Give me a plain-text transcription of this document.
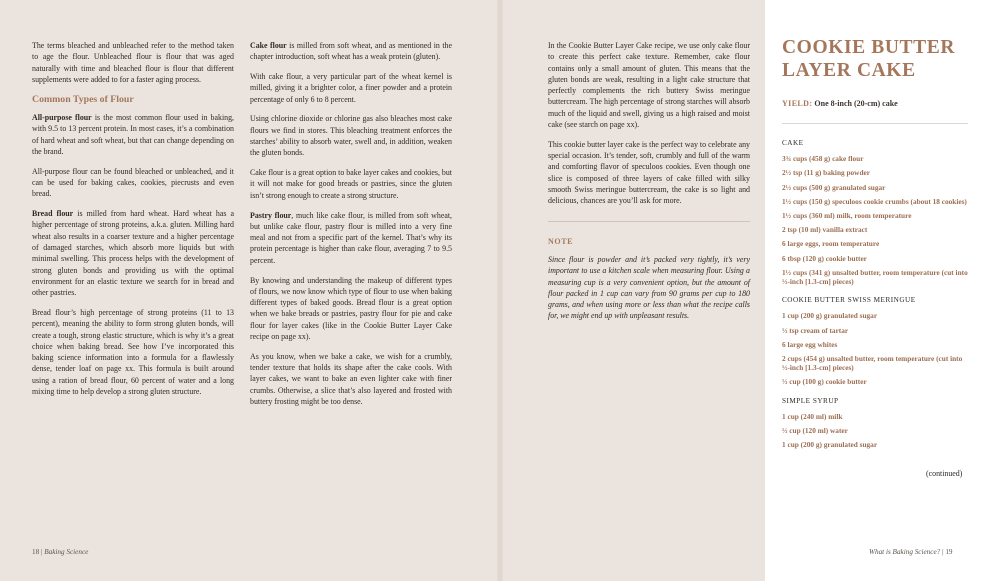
The terms bleached and unbleached refer to the method taken to age the flour. Unbleached flour is flour that was aged naturally with time and bleached flour is flour that different supplements were added to for a faster aging process.

Common Types of Flour

All-purpose flour is the most common flour used in baking, with 9.5 to 13 percent protein. In most cases, it’s a combination of hard wheat and soft wheat, but that can change depending on the brand.

All-purpose flour can be found bleached or unbleached, and it can be used for baking cakes, cookies, piecrusts and even bread.

Bread flour is milled from hard wheat. Hard wheat has a higher percentage of strong proteins, a.k.a. gluten. Milling hard wheat also results in a coarser texture and a higher percentage of damaged starches, which absorb more liquids but with minimal swelling. This process helps with the development of strong gluten bonds and providing us with the optimal environment for an elastic texture we search for in bread and other pastries.

Bread flour’s high percentage of strong proteins (11 to 13 percent), meaning the ability to form strong gluten bonds, will create a tough, strong elastic structure, which is why it’s a great choice when baking bread. See how I’ve incorporated this baking science information into a formula for a flawlessly dense, tender loaf on page xx. This formula is built around using a ration of bread flour, 60 percent of water and a long mixing time to help develop a strong gluten structure.

Cake flour is milled from soft wheat, and as mentioned in the chapter introduction, soft wheat has a weak protein (gluten).

With cake flour, a very particular part of the wheat kernel is milled, giving it a brighter color, a finer powder and a protein percentage of only 6 to 8 percent.

Using chlorine dioxide or chlorine gas also bleaches most cake flours we find in stores. This bleaching treatment enforces the starches’ ability to absorb water, swell and, in addition, weaken the gluten bonds.

Cake flour is a great option to bake layer cakes and cookies, but it will not make for good breads or pastries, since the gluten isn’t strong enough to create a strong structure.

Pastry flour, much like cake flour, is milled from soft wheat, but unlike cake flour, pastry flour is milled into a very fine meal and not from a specific part of the kernel. That’s why its protein percentage is higher than cake flour, averaging 7 to 9.5 percent.

By knowing and understanding the makeup of different types of flours, we now know which type of flour to use when baking different types of baked goods. Bread flour is a great option when we bake breads or pastries, pastry flour for pie and cake flour for layer cakes (like in the Cookie Butter Layer Cake recipe on page xx).

As you know, when we bake a cake, we wish for a crumbly, tender texture that holds its shape after the cake cools. With layer cakes, we want to bake an even lighter cake with finer crumbs. Otherwise, a slice that’s also layered and frosted with buttery frosting might be too dense.

In the Cookie Butter Layer Cake recipe, we use only cake flour to create this perfect cake texture. Remember, cake flour contains only a small amount of gluten. This means that the gluten bonds are weak, resulting in a light cake structure that perfectly complements the rich buttery Swiss meringue buttercream. The high percentage of strong starches will absorb much of the liquid and swell, giving us a high raised and moist cake (see starch on page xx).

This cookie butter layer cake is the perfect way to celebrate any special occasion. It’s tender, soft, crumbly and full of the warm and comforting flavor of speculoos cookies. Even though one slice is composed of three layers of cake filled with silky smooth Swiss meringue buttercream, the cake is so light and delicious, chances are you’ll ask for more.

NOTE

Since flour is powder and it’s packed very tightly, it’s very important to use a kitchen scale when measuring flour. Using a measuring cup is a very convenient option, but the amount of flour packed in 1 cup can vary from 90 grams per cup to 180 grams, and when using more or less than what the recipe calls for, we might end up with unpleasant results.

COOKIE BUTTER LAYER CAKE
YIELD: One 8-inch (20-cm) cake
CAKE
3¾ cups (458 g) cake flour
2½ tsp (11 g) baking powder
2½ cups (500 g) granulated sugar
1½ cups (150 g) speculoos cookie crumbs (about 18 cookies)
1½ cups (360 ml) milk, room temperature
2 tsp (10 ml) vanilla extract
6 large eggs, room temperature
6 tbsp (120 g) cookie butter
1½ cups (341 g) unsalted butter, room temperature (cut into ½-inch [1.3-cm] pieces)
COOKIE BUTTER SWISS MERINGUE
1 cup (200 g) granulated sugar
½ tsp cream of tartar
6 large egg whites
2 cups (454 g) unsalted butter, room temperature (cut into ½-inch [1.3-cm] pieces)
⅓ cup (100 g) cookie butter
SIMPLE SYRUP
1 cup (240 ml) milk
½ cup (120 ml) water
1 cup (200 g) granulated sugar
(continued)
18 | Baking Science	What is Baking Science? | 19
